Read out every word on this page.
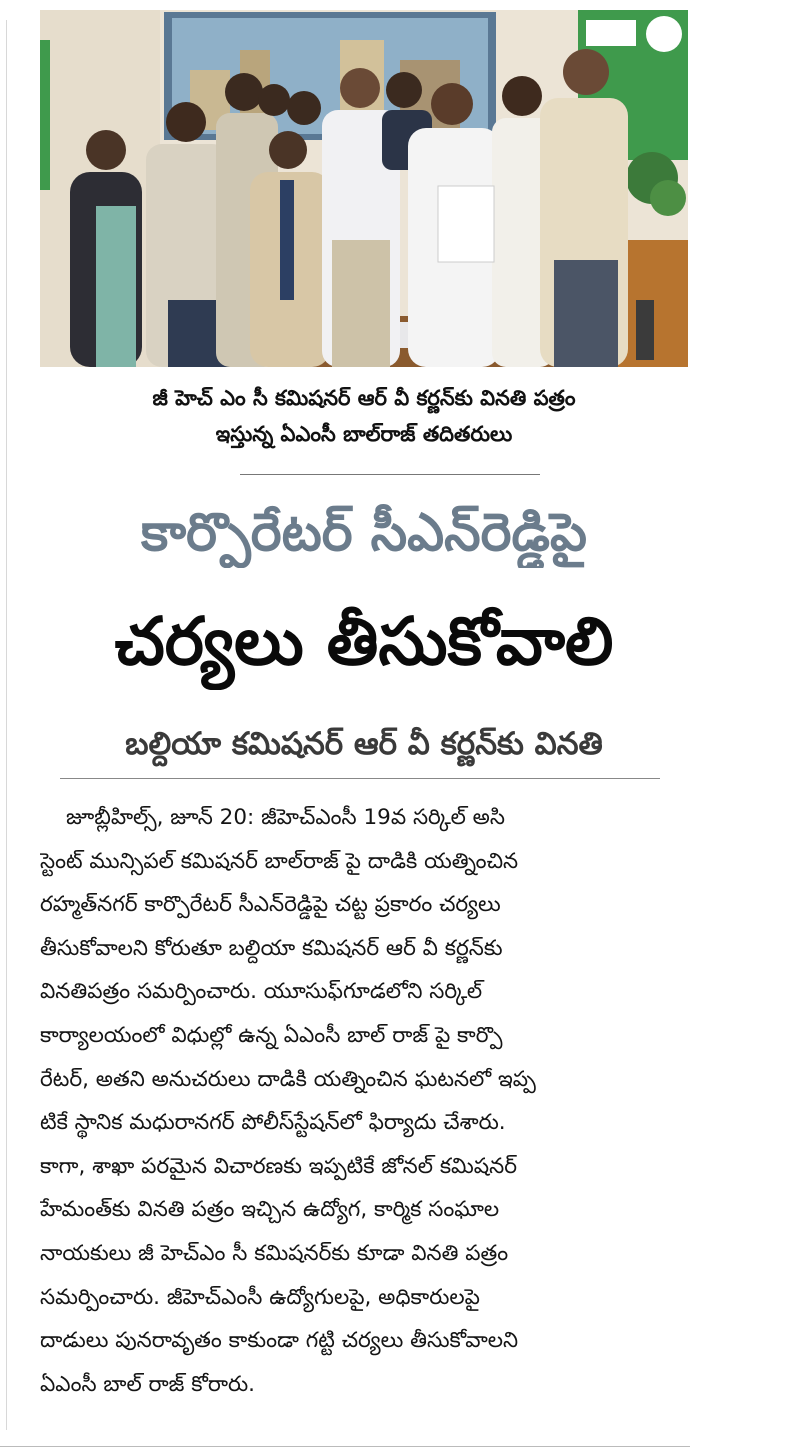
జీ హెచ్ ఎం సీ కమిషనర్ ఆర్ వీ కర్ణన్‌కు వినతి పత్రం
ఇస్తున్న ఏఎంసీ బాల్‌రాజ్ తదితరులు
కార్పొరేటర్ సీఎన్‌రెడ్డిపై
చర్యలు తీసుకోవాలి
బల్దియా కమిషనర్ ఆర్ వీ కర్ణన్‌కు వినతి
జూబ్లీహిల్స్, జూన్ 20: జీహెచ్ఎంసీ 19వ సర్కిల్ అసి
స్టెంట్ మున్సిపల్ కమిషనర్ బాల్‌రాజ్ పై దాడికి యత్నించిన
రహ్మత్‌నగర్ కార్పొరేటర్ సీఎన్‌రెడ్డిపై చట్ట ప్రకారం చర్యలు
తీసుకోవాలని కోరుతూ బల్దియా కమిషనర్ ఆర్ వీ కర్ణన్‌కు
వినతిపత్రం సమర్పించారు. యూసుఫ్‌గూడలోని సర్కిల్
కార్యాలయంలో విధుల్లో ఉన్న ఏఎంసీ బాల్ రాజ్ పై కార్పొ
రేటర్, అతని అనుచరులు దాడికి యత్నించిన ఘటనలో ఇప్ప
టికే స్థానిక మధురానగర్ పోలీస్‌స్టేషన్‌లో ఫిర్యాదు చేశారు.
కాగా, శాఖా పరమైన విచారణకు ఇప్పటికే జోనల్ కమిషనర్
హేమంత్‌కు వినతి పత్రం ఇచ్చిన ఉద్యోగ, కార్మిక సంఘాల
నాయకులు జీ హెచ్ఎం సీ కమిషనర్‌కు కూడా వినతి పత్రం
సమర్పించారు. జీహెచ్ఎంసీ ఉద్యోగులపై, అధికారులపై
దాడులు పునరావృతం కాకుండా గట్టి చర్యలు తీసుకోవాలని
ఏఎంసీ బాల్ రాజ్ కోరారు.
